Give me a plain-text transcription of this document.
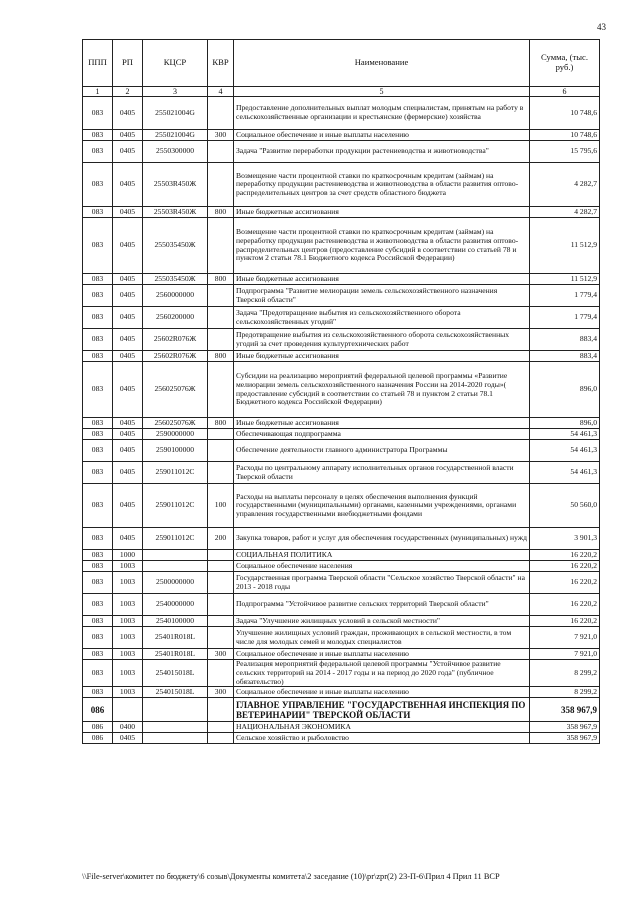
43
ППП	РП	КЦСР	КВР	Наименование	Сумма, (тыс. руб.)
1	2	3	4	5	6
083	0405	255021004G		Предоставление дополнительных выплат молодым специалистам, принятым на работу в сельскохозяйственные организации и крестьянские (фермерские) хозяйства	10 748,6
083	0405	255021004G	300	Социальное обеспечение и иные выплаты населению	10 748,6
083	0405	2550300000		Задача "Развитие переработки продукции растениеводства и животноводства"	15 795,6
083	0405	25503R450Ж		Возмещение части процентной ставки по краткосрочным кредитам (займам) на переработку продукции растениеводства и животноводства в области развития оптово-распределительных центров за счет средств областного бюджета	4 282,7
083	0405	25503R450Ж	800	Иные бюджетные ассигнования	4 282,7
083	0405	255035450Ж		Возмещение части процентной ставки по краткосрочным кредитам (займам) на переработку продукции растениеводства и животноводства в области развития оптово-распределительных центров (предоставление субсидий в соответствии со статьей 78 и пунктом 2 статьи 78.1 Бюджетного кодекса Российской Федерации)	11 512,9
083	0405	255035450Ж	800	Иные бюджетные ассигнования	11 512,9
083	0405	2560000000		Подпрограмма "Развитие мелиорации земель сельскохозяйственного назначения Тверской области"	1 779,4
083	0405	2560200000		Задача "Предотвращение выбытия из сельскохозяйственного оборота сельскохозяйственных угодий"	1 779,4
083	0405	25602R076Ж		Предотвращение выбытия из сельскохозяйственного оборота сельскохозяйственных угодий за счет проведения культуртехнических работ	883,4
083	0405	25602R076Ж	800	Иные бюджетные ассигнования	883,4
083	0405	256025076Ж		Субсидии на реализацию мероприятий федеральной целевой программы «Развитие мелиорации земель сельскохозяйственного назначения России на 2014-2020 годы»( предоставление субсидий в соответствии со статьей 78 и пунктом 2 статьи 78.1 Бюджетного кодекса Российской Федерации)	896,0
083	0405	256025076Ж	800	Иные бюджетные ассигнования	896,0
083	0405	2590000000		Обеспечивающая подпрограмма	54 461,3
083	0405	2590100000		Обеспечение деятельности главного администратора Программы	54 461,3
083	0405	259011012С		Расходы по центральному аппарату исполнительных органов государственной власти Тверской области	54 461,3
083	0405	259011012С	100	Расходы на выплаты персоналу в целях обеспечения выполнения функций государственными (муниципальными) органами, казенными учреждениями, органами управления государственными внебюджетными фондами	50 560,0
083	0405	259011012С	200	Закупка товаров, работ и услуг для обеспечения государственных (муниципальных) нужд	3 901,3
083	1000			СОЦИАЛЬНАЯ ПОЛИТИКА	16 220,2
083	1003			Социальное обеспечение населения	16 220,2
083	1003	2500000000		Государственная программа Тверской области "Сельское хозяйство Тверской области" на 2013 - 2018 годы	16 220,2
083	1003	2540000000		Подпрограмма "Устойчивое развитие сельских территорий Тверской области"	16 220,2
083	1003	2540100000		Задача "Улучшение жилищных условий в сельской местности"	16 220,2
083	1003	25401R018L		Улучшение жилищных условий граждан, проживающих в сельской местности, в том числе для молодых семей и молодых специалистов	7 921,0
083	1003	25401R018L	300	Социальное обеспечение и иные выплаты населению	7 921,0
083	1003	254015018L		Реализация мероприятий федеральной целевой программы "Устойчивое развитие сельских территорий на 2014 - 2017 годы и на период до 2020 года" (публичное обязательство)	8 299,2
083	1003	254015018L	300	Социальное обеспечение и иные выплаты населению	8 299,2
086				ГЛАВНОЕ УПРАВЛЕНИЕ "ГОСУДАРСТВЕННАЯ ИНСПЕКЦИЯ ПО ВЕТЕРИНАРИИ" ТВЕРСКОЙ ОБЛАСТИ	358 967,9
086	0400			НАЦИОНАЛЬНАЯ ЭКОНОМИКА	358 967,9
086	0405			Сельское хозяйство и рыболовство	358 967,9
\\File-server\комитет по бюджету\6 созыв\Документы комитета\2 заседание (10)\pr\zpr(2) 23-П-6\Прил 4 Прил 11 ВСР
